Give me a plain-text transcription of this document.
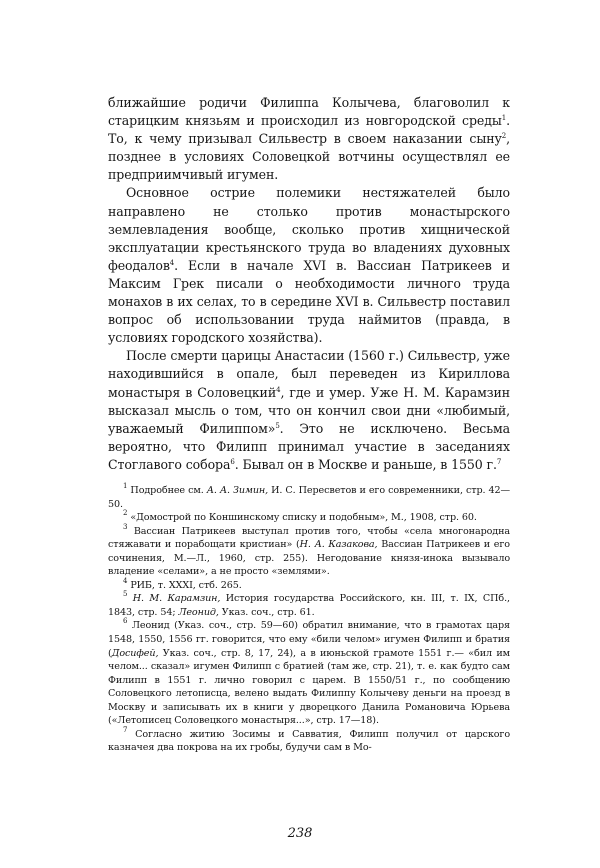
ближайшие родичи Филиппа Колычева, благоволил к старицким князьям и происходил из новгородской среды$^1$. То, к чему призывал Сильвестр в своем наказании сыну$^2$, позднее в условиях Соловецкой вотчины осуществлял ее предприимчивый игумен.

Основное острие полемики нестяжателей было направлено не столько против монастырского землевладения вообще, сколько против хищнической эксплуатации крестьянского труда во владениях духовных феодалов$^4$. Если в начале XVI в. Вассиан Патрикеев и Максим Грек писали о необходимости личного труда монахов в их селах, то в середине XVI в. Сильвестр поставил вопрос об использовании труда наймитов (правда, в условиях городского хозяйства).

После смерти царицы Анастасии (1560 г.) Сильвестр, уже находившийся в опале, был переведен из Кириллова монастыря в Соловецкий$^4$, где и умер. Уже Н. М. Карамзин высказал мысль о том, что он кончил свои дни «любимый, уважаемый Филиппом»$^5$. Это не исключено. Весьма вероятно, что Филипп принимал участие в заседаниях Стоглавого собора$^6$. Бывал он в Москве и раньше, в 1550 г.$^7$

$^1$ Подробнее см. А. А. Зимин, И. С. Пересветов и его современники, стр. 42—50.

$^2$ «Домострой по Коншинскому списку и подобным», М., 1908, стр. 60.

$^3$ Вассиан Патрикеев выступал против того, чтобы «села многонародна стяжавати и порабощати кристиан» (Н. А. Казакова, Вассиан Патрикеев и его сочинения, М.—Л., 1960, стр. 255). Негодование князя-инока вызывало владение «селами», а не просто «землями».

$^4$ РИБ, т. XXXI, стб. 265.

$^5$ Н. М. Карамзин, История государства Российского, кн. III, т. IX, СПб., 1843, стр. 54; Леонид, Указ. соч., стр. 61.

$^6$ Леонид (Указ. соч., стр. 59—60) обратил внимание, что в грамотах царя 1548, 1550, 1556 гг. говорится, что ему «били челом» игумен Филипп и братия (Досифей, Указ. соч., стр. 8, 17, 24), а в июньской грамоте 1551 г.— «бил им челом... сказал» игумен Филипп с братией (там же, стр. 21), т. е. как будто сам Филипп в 1551 г. лично говорил с царем. В 1550/51 г., по сообщению Соловецкого летописца, велено выдать Филиппу Колычеву деньги на проезд в Москву и записывать их в книги у дворецкого Данила Романовича Юрьева («Летописец Соловецкого монастыря...», стр. 17—18).

$^7$ Согласно житию Зосимы и Савватия, Филипп получил от царского казначея два покрова на их гробы, будучи сам в Мо-

238
